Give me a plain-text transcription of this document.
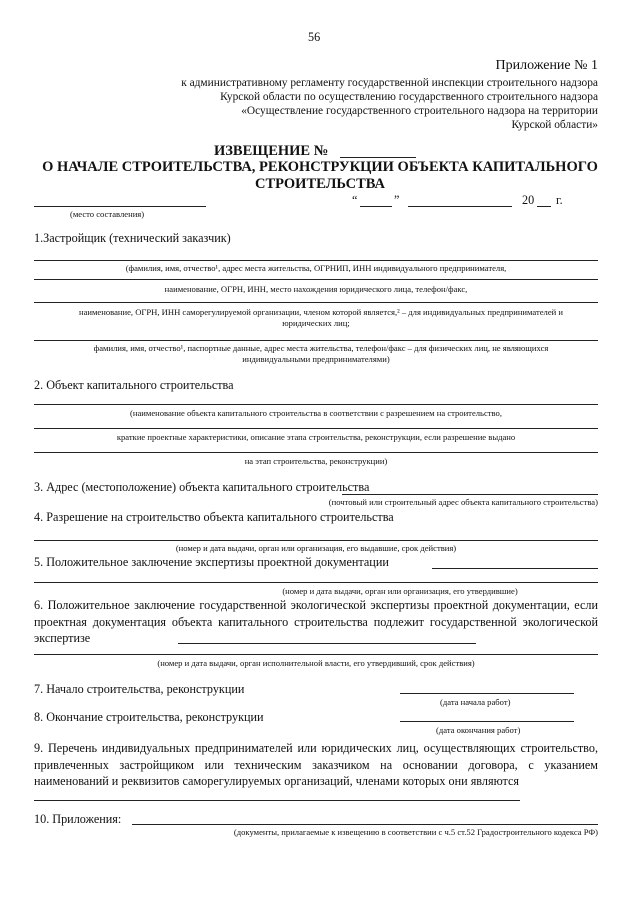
56
Приложение № 1
к административному регламенту государственной инспекции строительного надзора
Курской области по осуществлению государственного строительного надзора
«Осуществление государственного строительного надзора на территории
Курской области»
ИЗВЕЩЕНИЕ №
О НАЧАЛЕ СТРОИТЕЛЬСТВА, РЕКОНСТРУКЦИИ ОБЪЕКТА КАПИТАЛЬНОГО
СТРОИТЕЛЬСТВА
(место составления)
“	”	20 г.
1.Застройщик (технический заказчик)
(фамилия, имя, отчество¹, адрес места жительства, ОГРНИП, ИНН индивидуального предпринимателя,
наименование, ОГРН, ИНН, место нахождения юридического лица, телефон/факс,
наименование, ОГРН, ИНН саморегулируемой организации, членом которой является,² – для индивидуальных предпринимателей и
юридических лиц;
фамилия, имя, отчество¹, паспортные данные, адрес места жительства, телефон/факс – для физических лиц, не являющихся
индивидуальными предпринимателями)
2. Объект капитального строительства
(наименование объекта капитального строительства в соответствии с разрешением на строительство,
краткие проектные характеристики, описание этапа строительства, реконструкции, если разрешение выдано
на этап строительства, реконструкции)
3. Адрес (местоположение) объекта капитального строительства
(почтовый или строительный адрес объекта капитального строительства)
4. Разрешение на строительство объекта капитального строительства
(номер и дата выдачи, орган или организация, его выдавшие, срок действия)
5. Положительное заключение экспертизы проектной документации
(номер и дата выдачи, орган или организация, его утвердившие)
6. Положительное заключение государственной экологической экспертизы проектной документации, если проектная документация объекта капитального строительства подлежит государственной экологической экспертизе
(номер и дата выдачи, орган исполнительной власти, его утвердивший, срок действия)
7. Начало строительства, реконструкции
(дата начала работ)
8. Окончание строительства, реконструкции
(дата окончания работ)
9. Перечень индивидуальных предпринимателей или юридических лиц, осуществляющих строительство, привлеченных застройщиком или техническим заказчиком на основании договора, с указанием наименований и реквизитов саморегулируемых организаций, членами которых они являются
10. Приложения:
(документы, прилагаемые к извещению в соответствии с ч.5 ст.52 Градостроительного кодекса РФ)
